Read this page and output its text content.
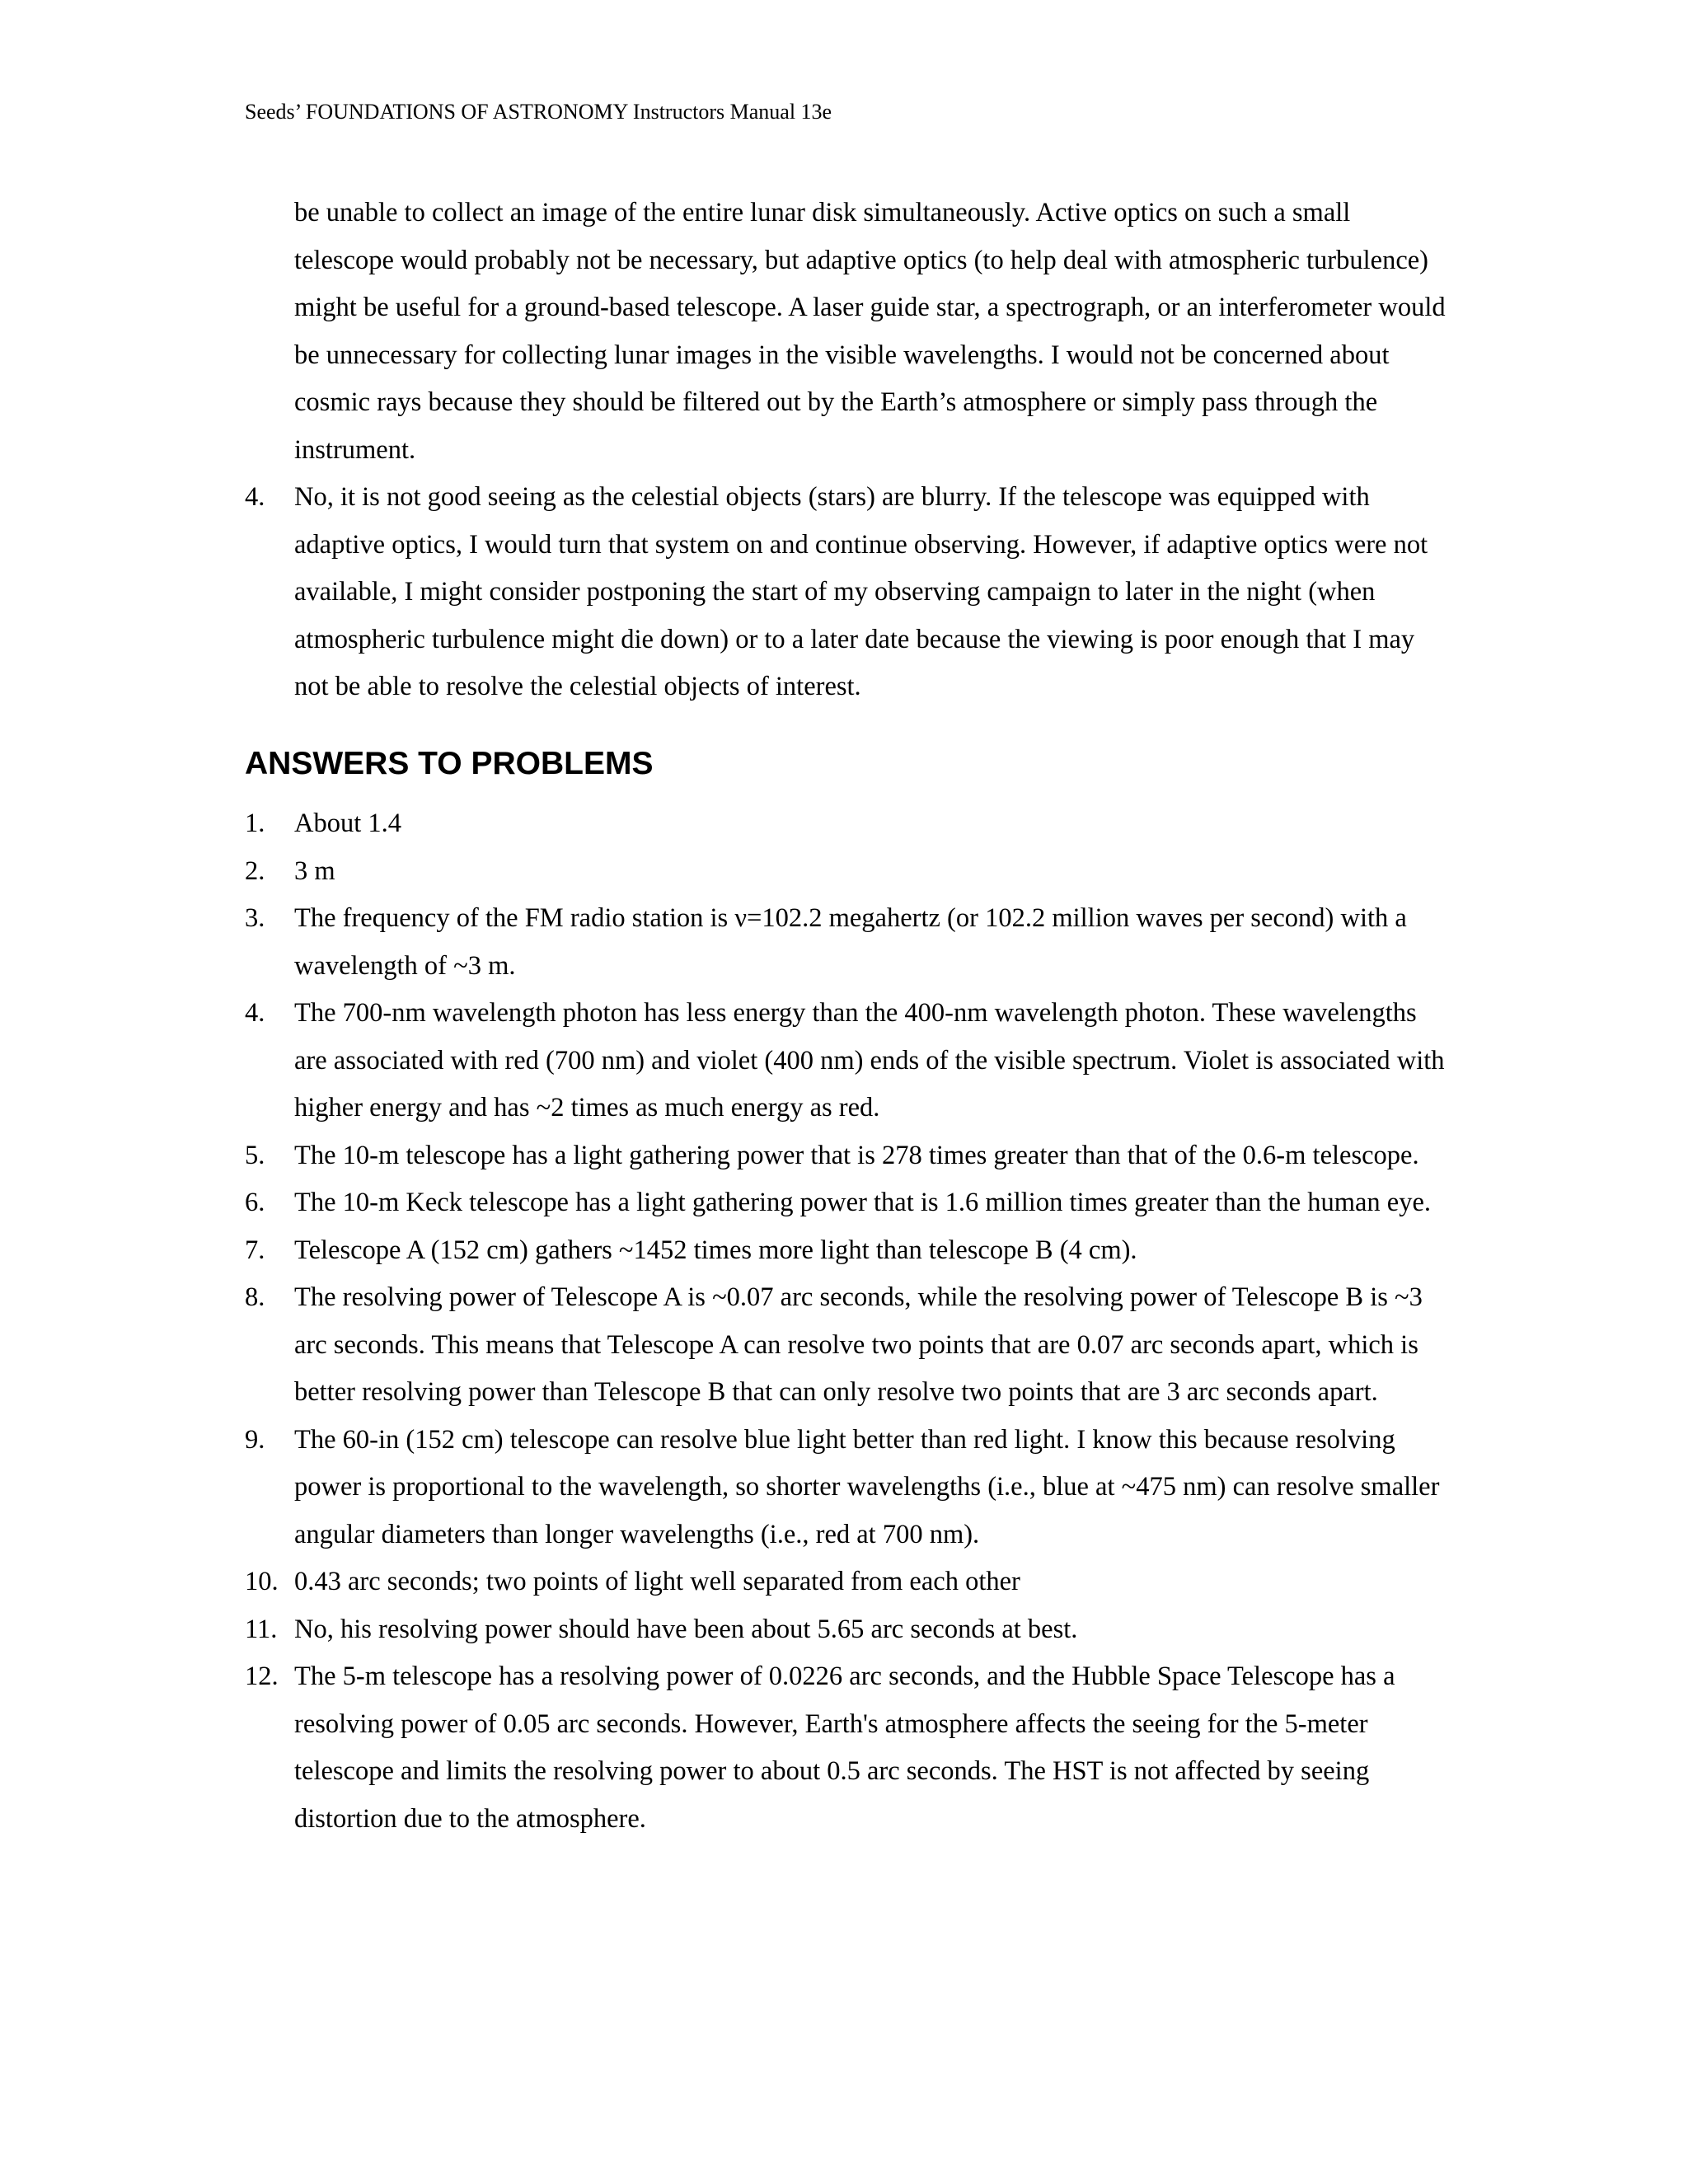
Seeds’ FOUNDATIONS OF ASTRONOMY Instructors Manual 13e
be unable to collect an image of the entire lunar disk simultaneously. Active optics on such a small telescope would probably not be necessary, but adaptive optics (to help deal with atmospheric turbulence) might be useful for a ground-based telescope. A laser guide star, a spectrograph, or an interferometer would be unnecessary for collecting lunar images in the visible wavelengths. I would not be concerned about cosmic rays because they should be filtered out by the Earth’s atmosphere or simply pass through the instrument.
4. No, it is not good seeing as the celestial objects (stars) are blurry. If the telescope was equipped with adaptive optics, I would turn that system on and continue observing. However, if adaptive optics were not available, I might consider postponing the start of my observing campaign to later in the night (when atmospheric turbulence might die down) or to a later date because the viewing is poor enough that I may not be able to resolve the celestial objects of interest.
ANSWERS TO PROBLEMS
1. About 1.4
2. 3 m
3. The frequency of the FM radio station is ν=102.2 megahertz (or 102.2 million waves per second) with a wavelength of ~3 m.
4. The 700-nm wavelength photon has less energy than the 400-nm wavelength photon. These wavelengths are associated with red (700 nm) and violet (400 nm) ends of the visible spectrum. Violet is associated with higher energy and has ~2 times as much energy as red.
5. The 10-m telescope has a light gathering power that is 278 times greater than that of the 0.6-m telescope.
6. The 10-m Keck telescope has a light gathering power that is 1.6 million times greater than the human eye.
7. Telescope A (152 cm) gathers ~1452 times more light than telescope B (4 cm).
8. The resolving power of Telescope A is ~0.07 arc seconds, while the resolving power of Telescope B is ~3 arc seconds. This means that Telescope A can resolve two points that are 0.07 arc seconds apart, which is better resolving power than Telescope B that can only resolve two points that are 3 arc seconds apart.
9. The 60-in (152 cm) telescope can resolve blue light better than red light. I know this because resolving power is proportional to the wavelength, so shorter wavelengths (i.e., blue at ~475 nm) can resolve smaller angular diameters than longer wavelengths (i.e., red at 700 nm).
10. 0.43 arc seconds; two points of light well separated from each other
11. No, his resolving power should have been about 5.65 arc seconds at best.
12. The 5-m telescope has a resolving power of 0.0226 arc seconds, and the Hubble Space Telescope has a resolving power of 0.05 arc seconds. However, Earth's atmosphere affects the seeing for the 5-meter telescope and limits the resolving power to about 0.5 arc seconds. The HST is not affected by seeing distortion due to the atmosphere.
